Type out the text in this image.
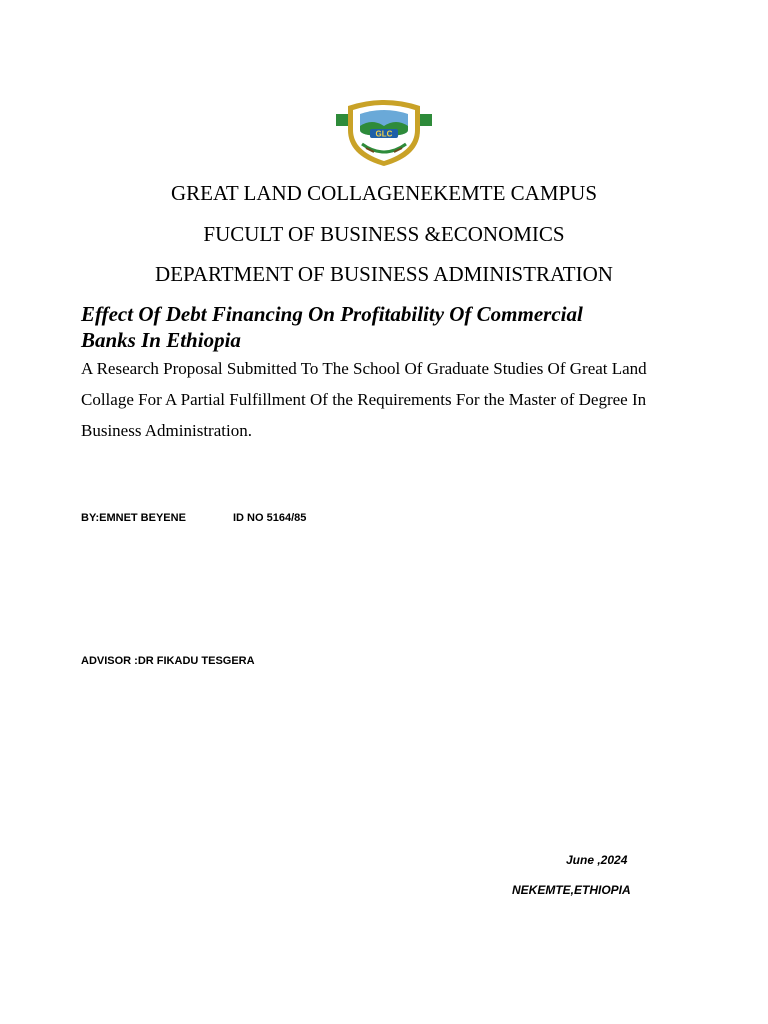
GLC
GREAT LAND COLLAGENEKEMTE CAMPUS
FUCULT OF BUSINESS &ECONOMICS
DEPARTMENT OF BUSINESS ADMINISTRATION
Effect Of Debt Financing On Profitability Of Commercial
Banks In Ethiopia
A Research Proposal Submitted To The School Of Graduate Studies Of Great Land
Collage For A Partial Fulfillment Of the Requirements For the Master of Degree In
Business Administration.
BY:EMNET BEYENE	ID NO 5164/85
ADVISOR :DR FIKADU TESGERA
June ,2024
NEKEMTE,ETHIOPIA
